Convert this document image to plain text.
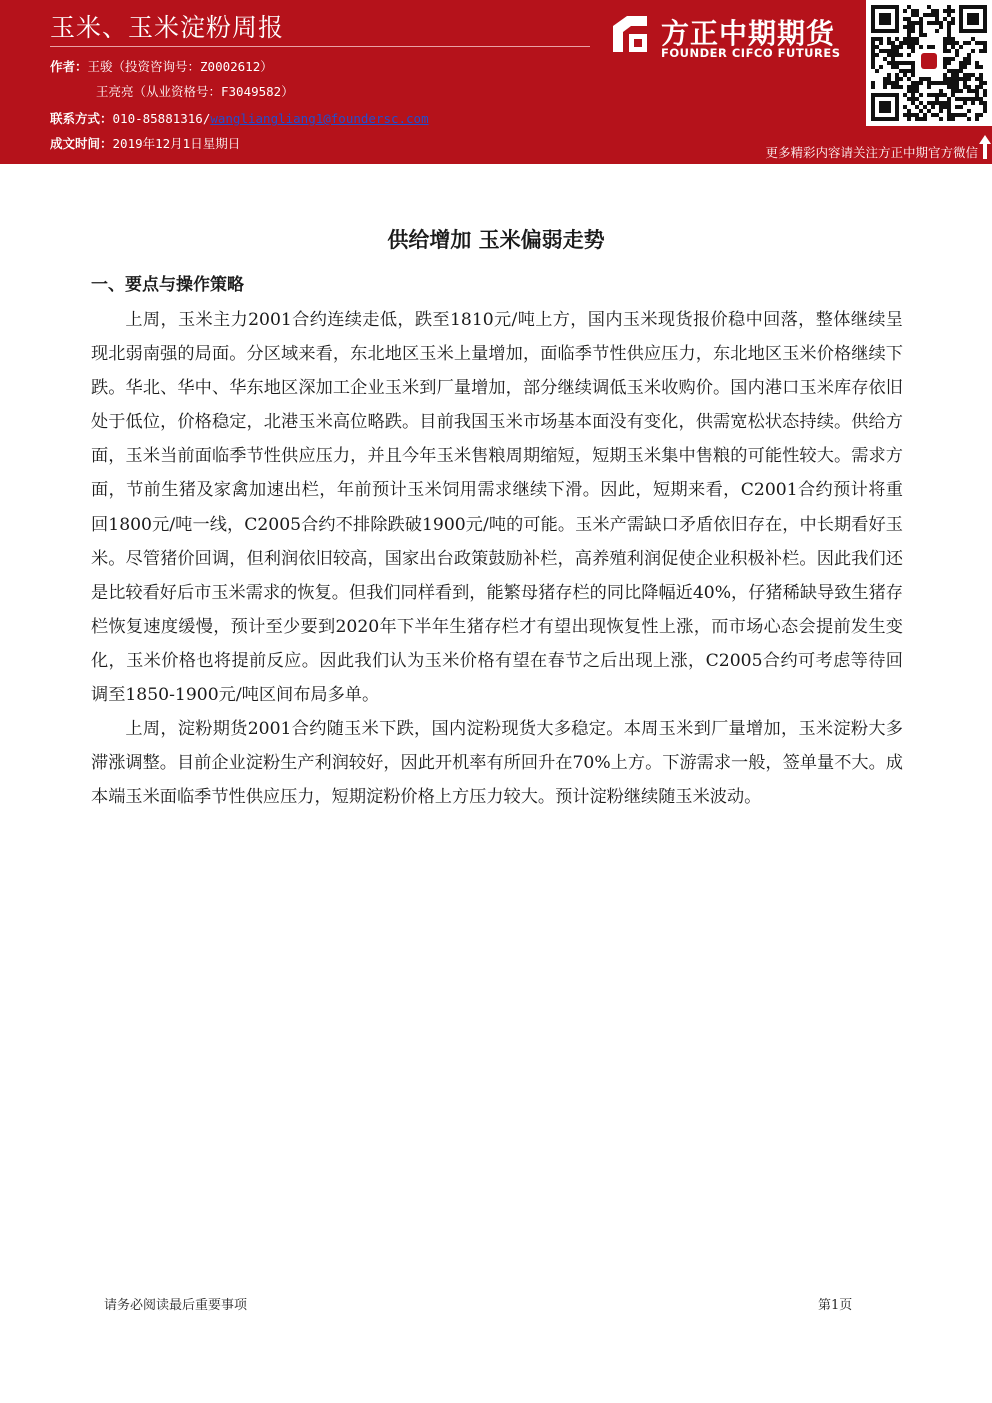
玉米、玉米淀粉周报
作者：王骏（投资咨询号：Z0002612）
王亮亮（从业资格号：F3049582）
联系方式：010-85881316/wangliangliang1@foundersc.com
成文时间：2019年12月1日星期日
方正中期期货
FOUNDER CIFCO FUTURES
更多精彩内容请关注方正中期官方微信
供给增加 玉米偏弱走势
一、要点与操作策略

上周，玉米主力2001合约连续走低，跌至1810元/吨上方，国内玉米现货报价稳中回落，整体继续呈现北弱南强的局面。分区域来看，东北地区玉米上量增加，面临季节性供应压力，东北地区玉米价格继续下跌。华北、华中、华东地区深加工企业玉米到厂量增加，部分继续调低玉米收购价。国内港口玉米库存依旧处于低位，价格稳定，北港玉米高位略跌。目前我国玉米市场基本面没有变化，供需宽松状态持续。供给方面，玉米当前面临季节性供应压力，并且今年玉米售粮周期缩短，短期玉米集中售粮的可能性较大。需求方面，节前生猪及家禽加速出栏，年前预计玉米饲用需求继续下滑。因此，短期来看，C2001合约预计将重回1800元/吨一线，C2005合约不排除跌破1900元/吨的可能。玉米产需缺口矛盾依旧存在，中长期看好玉米。尽管猪价回调，但利润依旧较高，国家出台政策鼓励补栏，高养殖利润促使企业积极补栏。因此我们还是比较看好后市玉米需求的恢复。但我们同样看到，能繁母猪存栏的同比降幅近40%，仔猪稀缺导致生猪存栏恢复速度缓慢，预计至少要到2020年下半年生猪存栏才有望出现恢复性上涨，而市场心态会提前发生变化，玉米价格也将提前反应。因此我们认为玉米价格有望在春节之后出现上涨，C2005合约可考虑等待回调至1850-1900元/吨区间布局多单。

上周，淀粉期货2001合约随玉米下跌，国内淀粉现货大多稳定。本周玉米到厂量增加，玉米淀粉大多滞涨调整。目前企业淀粉生产利润较好，因此开机率有所回升在70%上方。下游需求一般，签单量不大。成本端玉米面临季节性供应压力，短期淀粉价格上方压力较大。预计淀粉继续随玉米波动。

请务必阅读最后重要事项	第1页
